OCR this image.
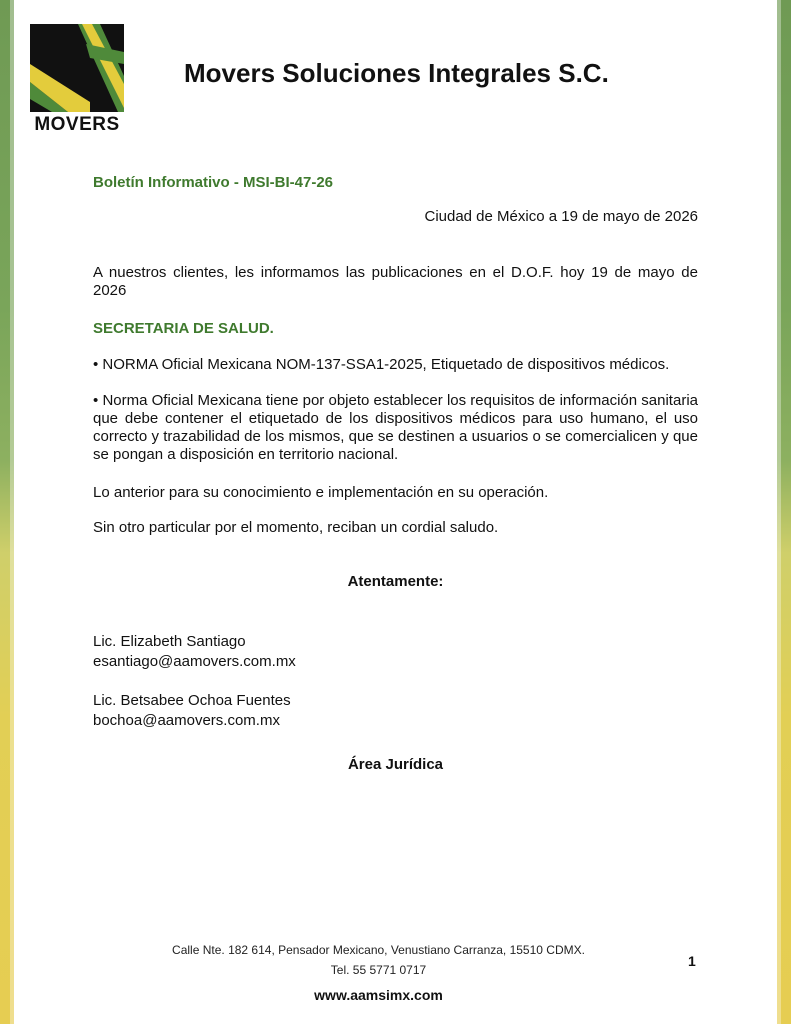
MOVERS
Movers Soluciones Integrales S.C.
Boletín Informativo - MSI-BI-47-26
Ciudad de México a 19 de mayo de 2026
A nuestros clientes, les informamos las publicaciones en el D.O.F. hoy 19 de mayo de 2026
SECRETARIA DE SALUD.
• NORMA Oficial Mexicana NOM-137-SSA1-2025, Etiquetado de dispositivos médicos.
• Norma Oficial Mexicana tiene por objeto establecer los requisitos de información sanitaria que debe contener el etiquetado de los dispositivos médicos para uso humano, el uso correcto y trazabilidad de los mismos, que se destinen a usuarios o se comercialicen y que se pongan a disposición en territorio nacional.
Lo anterior para su conocimiento e implementación en su operación.
Sin otro particular por el momento, reciban un cordial saludo.
Atentamente:
Lic. Elizabeth Santiago
esantiago@aamovers.com.mx
Lic. Betsabee Ochoa Fuentes
bochoa@aamovers.com.mx
Área Jurídica
Calle Nte. 182 614, Pensador Mexicano, Venustiano Carranza, 15510 CDMX.
Tel. 55 5771 0717
www.aamsimx.com
1
